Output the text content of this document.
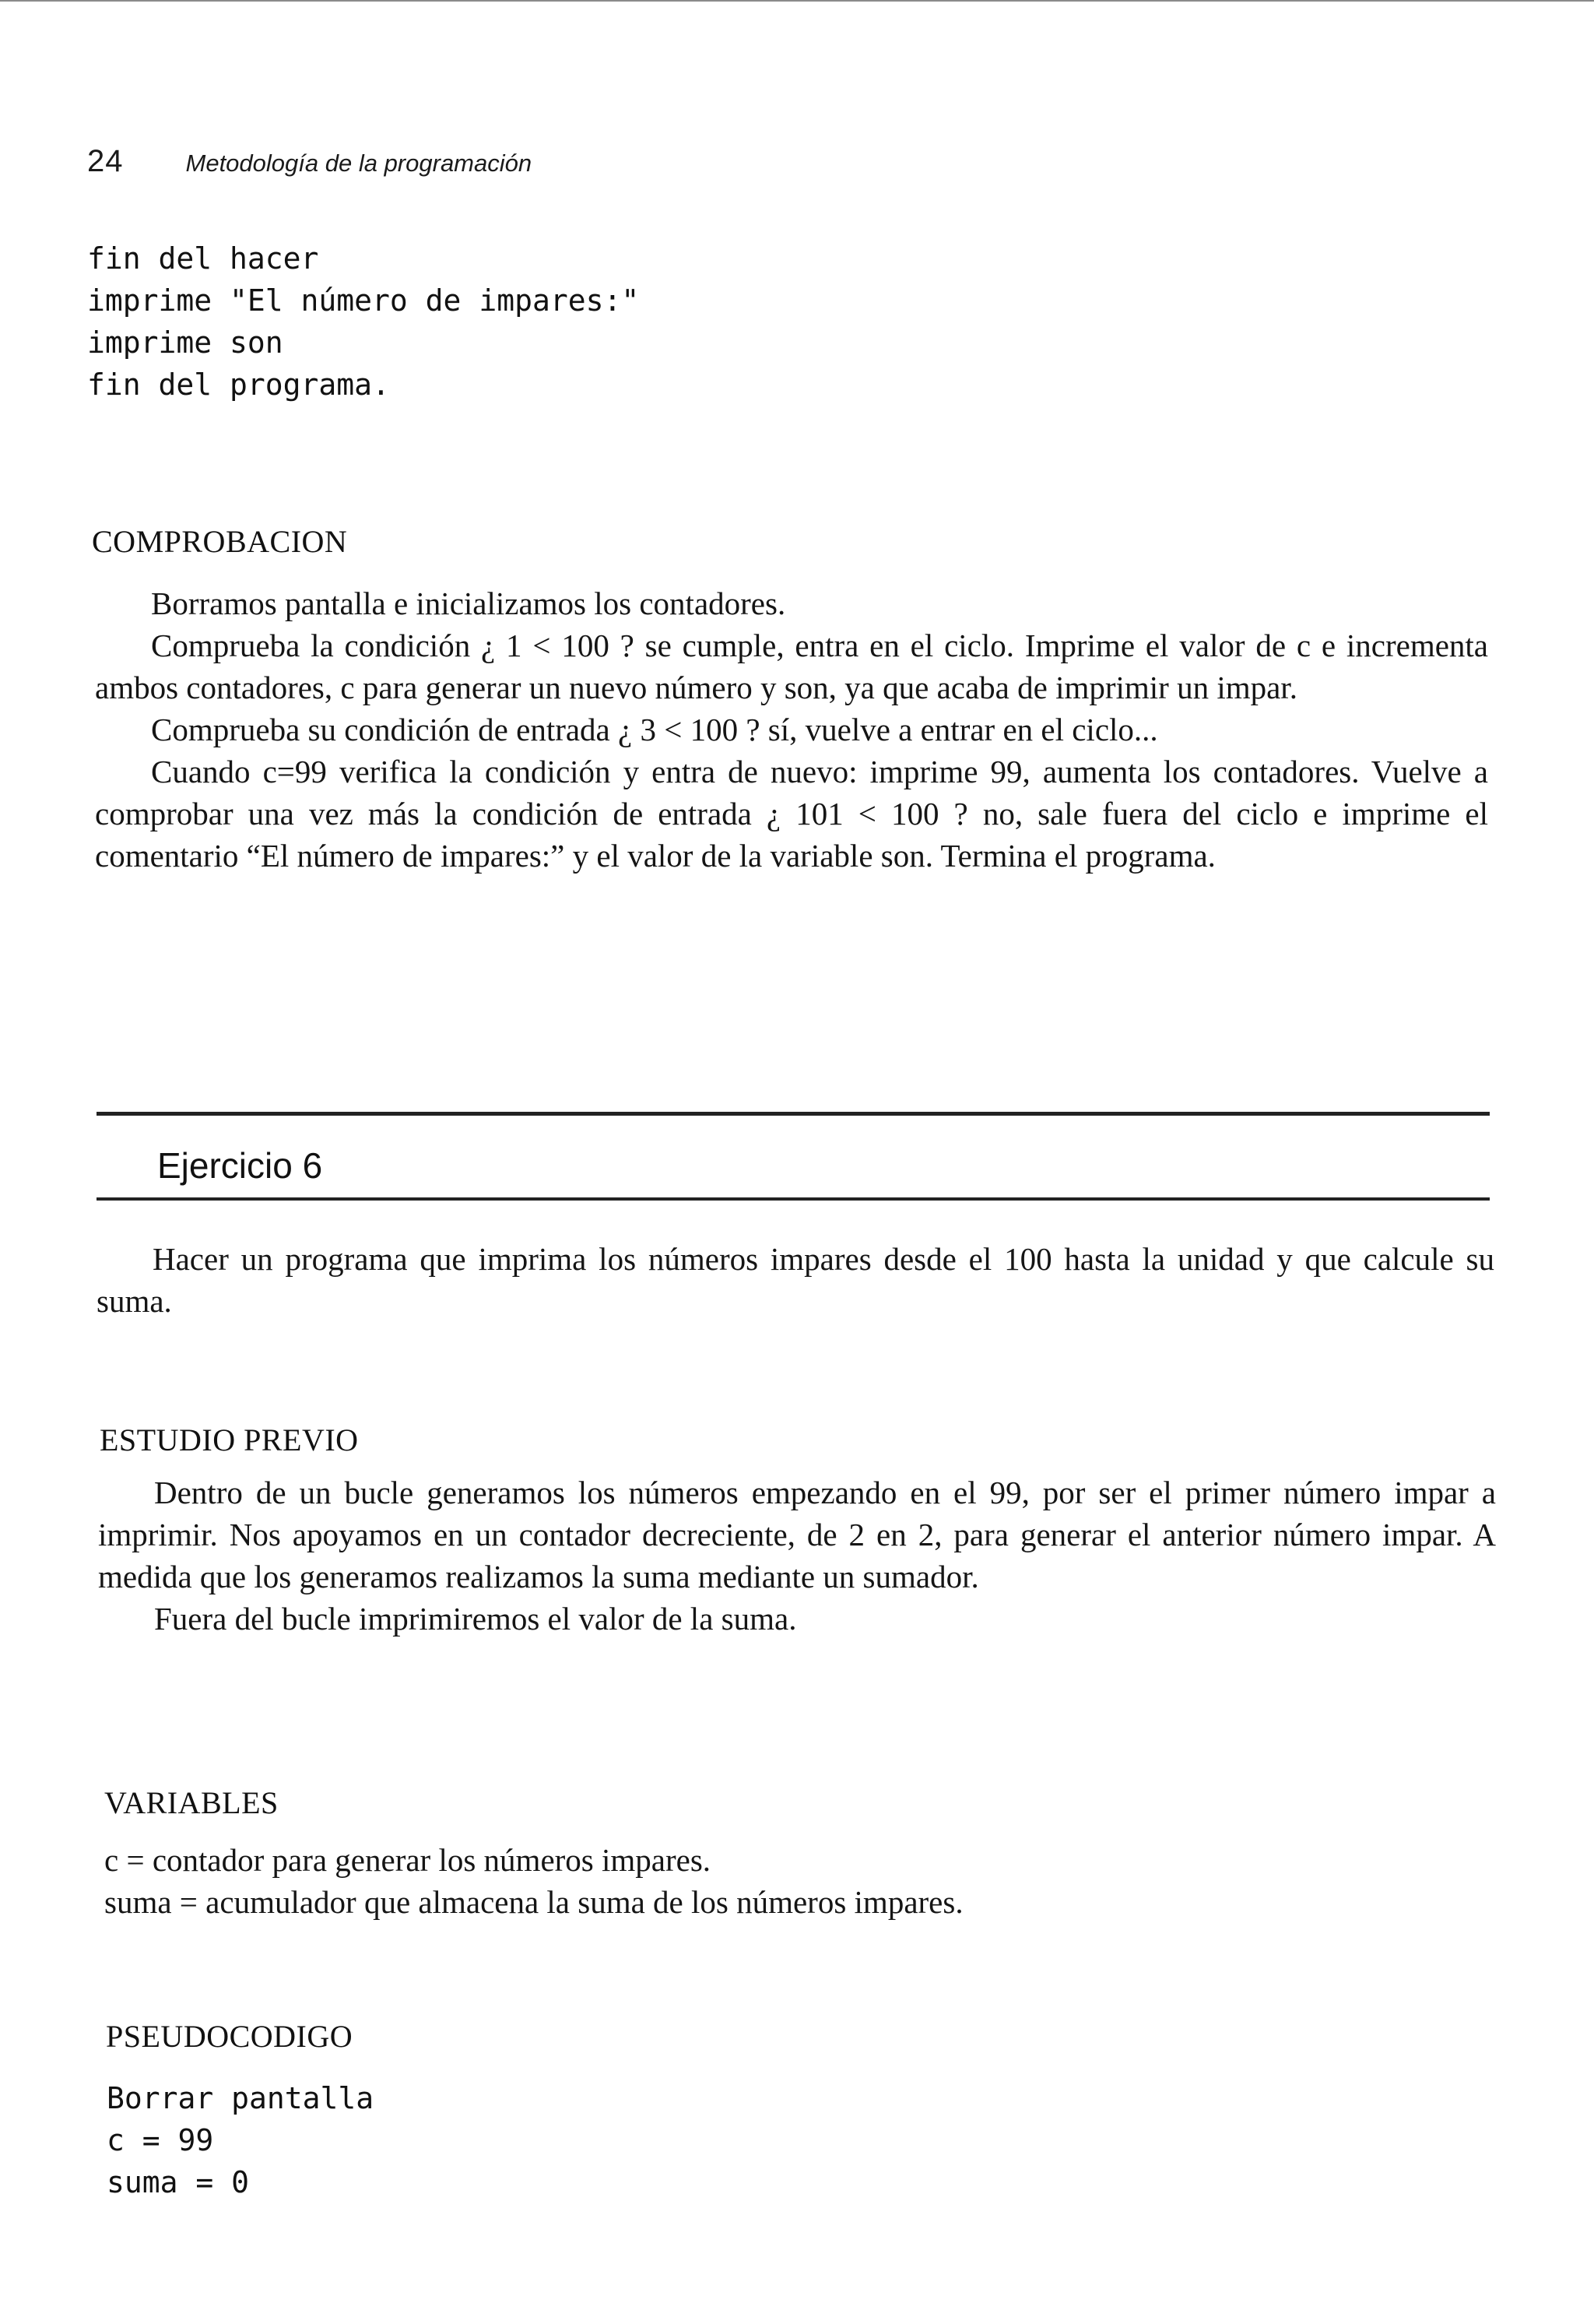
24	Metodología de la programación
fin del hacer
imprime "El número de impares:"
imprime son
fin del programa.
COMPROBACION

Borramos pantalla e inicializamos los contadores.

Comprueba la condición ¿ 1 < 100 ? se cumple, entra en el ciclo. Imprime el valor de c e incrementa ambos contadores, c para generar un nuevo número y son, ya que acaba de imprimir un impar.

Comprueba su condición de entrada ¿ 3 < 100 ? sí, vuelve a entrar en el ciclo...

Cuando c=99 verifica la condición y entra de nuevo: imprime 99, aumenta los contadores. Vuelve a comprobar una vez más la condición de entrada ¿ 101 < 100 ? no, sale fuera del ciclo e imprime el comentario “El número de impares:” y el valor de la variable son. Termina el programa.

Ejercicio 6

Hacer un programa que imprima los números impares desde el 100 hasta la unidad y que calcule su suma.

ESTUDIO PREVIO

Dentro de un bucle generamos los números empezando en el 99, por ser el primer número impar a imprimir. Nos apoyamos en un contador decreciente, de 2 en 2, para generar el anterior número impar. A medida que los generamos realizamos la suma mediante un sumador.

Fuera del bucle imprimiremos el valor de la suma.

VARIABLES

c = contador para generar los números impares.

suma = acumulador que almacena la suma de los números impares.

PSEUDOCODIGO
Borrar pantalla
c = 99
suma = 0
